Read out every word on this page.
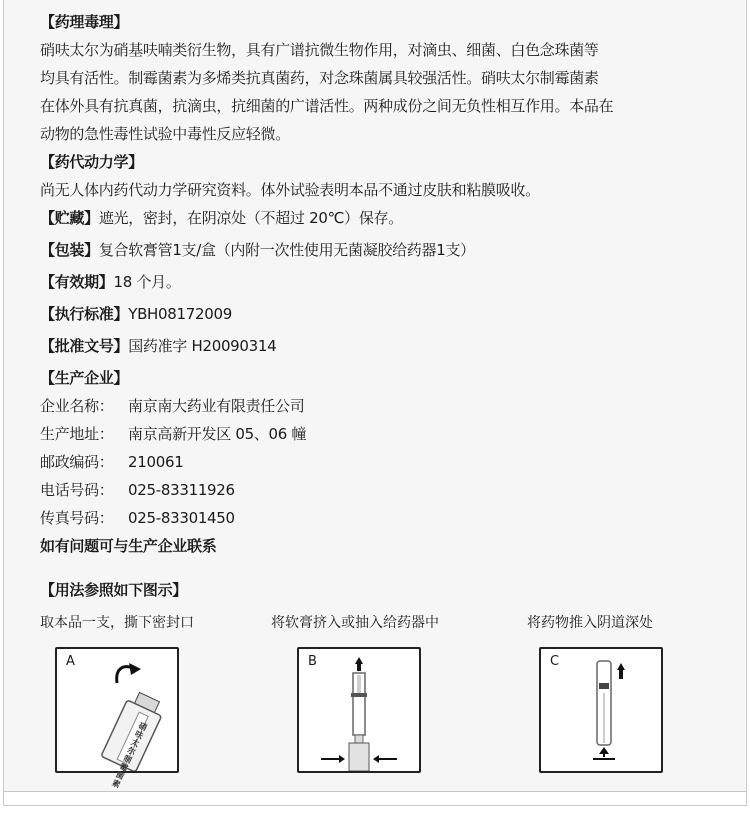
【药理毒理】
硝呋太尔为硝基呋喃类衍生物，具有广谱抗微生物作用，对滴虫、细菌、白色念珠菌等
均具有活性。制霉菌素为多烯类抗真菌药，对念珠菌属具较强活性。硝呋太尔制霉菌素
在体外具有抗真菌，抗滴虫，抗细菌的广谱活性。两种成份之间无负性相互作用。本品在
动物的急性毒性试验中毒性反应轻微。
【药代动力学】
尚无人体内药代动力学研究资料。体外试验表明本品不通过皮肤和粘膜吸收。
【贮藏】遮光，密封，在阴凉处（不超过 20℃）保存。
【包装】复合软膏管1支/盒（内附一次性使用无菌凝胶给药器1支）
【有效期】18 个月。
【执行标准】YBH08172009
【批准文号】国药准字 H20090314
【生产企业】
企业名称： 南京南大药业有限责任公司
生产地址： 南京高新开发区 05、06 幢
邮政编码： 210061
电话号码： 025-83311926
传真号码： 025-83301450
如有问题可与生产企业联系
【用法参照如下图示】
取本品一支，撕下密封口	将软膏挤入或抽入给药器中	将药物推入阴道深处
A
硝呋太尔制霉菌素
B	C
